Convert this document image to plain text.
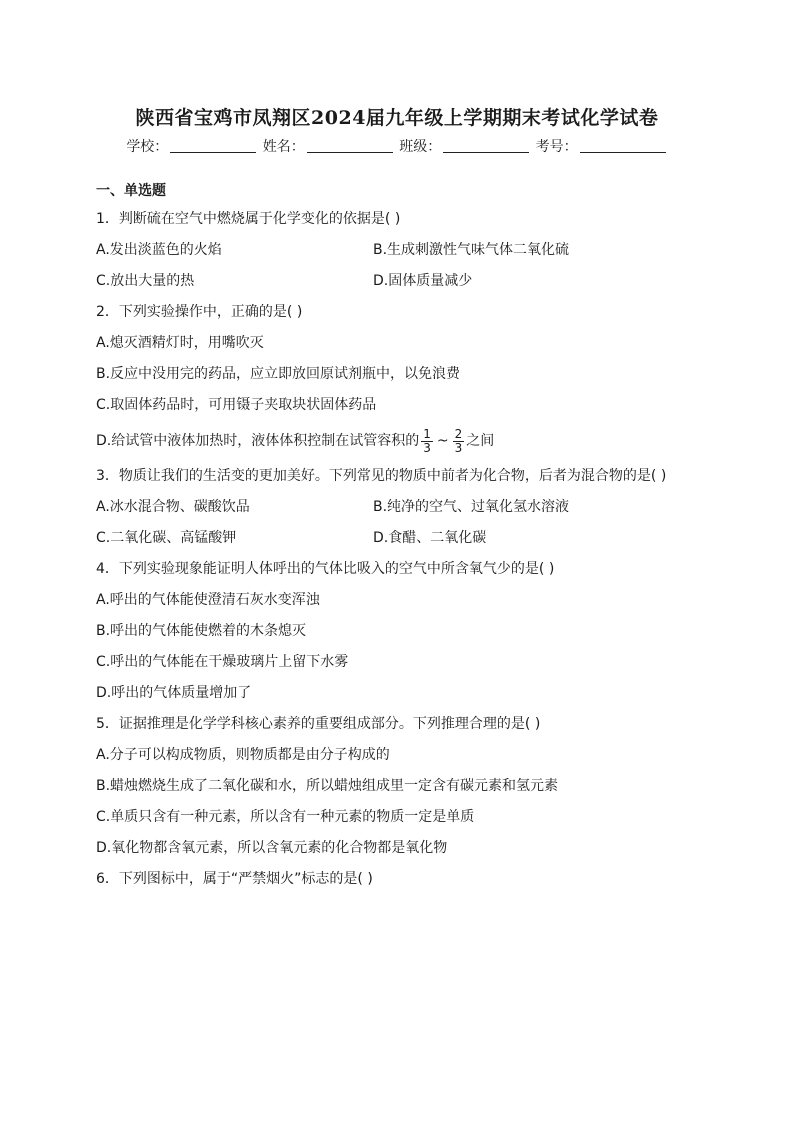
陕西省宝鸡市凤翔区2024届九年级上学期期末考试化学试卷
学校：	姓名：	班级：	考号：
一、单选题
1．判断硫在空气中燃烧属于化学变化的依据是( )
A.发出淡蓝色的火焰	B.生成刺激性气味气体二氧化硫
C.放出大量的热	D.固体质量减少
2．下列实验操作中，正确的是( )
A.熄灭酒精灯时，用嘴吹灭
B.反应中没用完的药品，应立即放回原试剂瓶中，以免浪费
C.取固体药品时，可用镊子夹取块状固体药品
D.给试管中液体加热时，液体体积控制在试管容积的 $\frac{1}{3}$ ~ $\frac{2}{3}$ 之间
3．物质让我们的生活变的更加美好。下列常见的物质中前者为化合物，后者为混合物的是( )
A.冰水混合物、碳酸饮品	B.纯净的空气、过氧化氢水溶液
C.二氧化碳、高锰酸钾	D.食醋、二氧化碳
4．下列实验现象能证明人体呼出的气体比吸入的空气中所含氧气少的是( )
A.呼出的气体能使澄清石灰水变浑浊
B.呼出的气体能使燃着的木条熄灭
C.呼出的气体能在干燥玻璃片上留下水雾
D.呼出的气体质量增加了
5．证据推理是化学学科核心素养的重要组成部分。下列推理合理的是( )
A.分子可以构成物质，则物质都是由分子构成的
B.蜡烛燃烧生成了二氧化碳和水，所以蜡烛组成里一定含有碳元素和氢元素
C.单质只含有一种元素，所以含有一种元素的物质一定是单质
D.氧化物都含氧元素，所以含氧元素的化合物都是氧化物
6．下列图标中，属于“严禁烟火”标志的是( )
